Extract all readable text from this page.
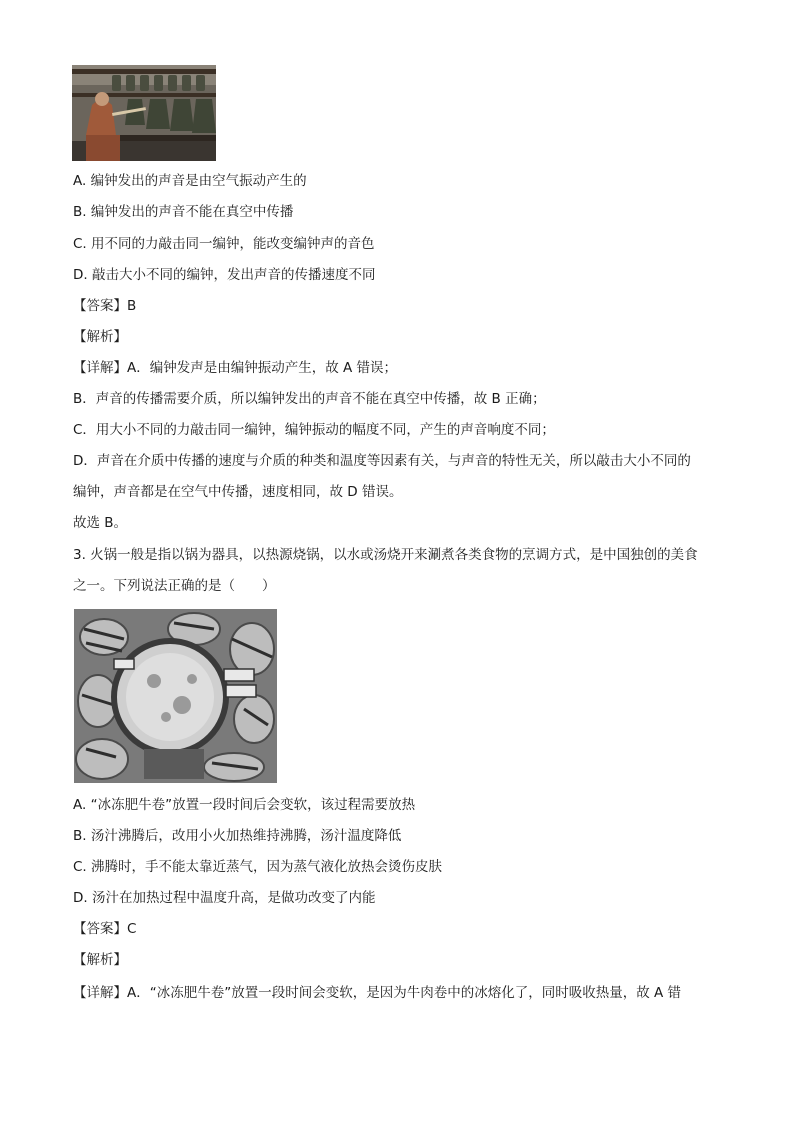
A. 编钟发出的声音是由空气振动产生的
B. 编钟发出的声音不能在真空中传播
C. 用不同的力敲击同一编钟，能改变编钟声的音色
D. 敲击大小不同的编钟，发出声音的传播速度不同
【答案】B
【解析】
【详解】A．编钟发声是由编钟振动产生，故 A 错误；
B．声音的传播需要介质，所以编钟发出的声音不能在真空中传播，故 B 正确；
C．用大小不同的力敲击同一编钟，编钟振动的幅度不同，产生的声音响度不同；
D．声音在介质中传播的速度与介质的种类和温度等因素有关，与声音的特性无关，所以敲击大小不同的
编钟，声音都是在空气中传播，速度相同，故 D 错误。
故选 B。
3. 火锅一般是指以锅为器具，以热源烧锅，以水或汤烧开来涮煮各类食物的烹调方式，是中国独创的美食
之一。下列说法正确的是（　　）
A. “冰冻肥牛卷”放置一段时间后会变软，该过程需要放热
B. 汤汁沸腾后，改用小火加热维持沸腾，汤汁温度降低
C. 沸腾时，手不能太靠近蒸气，因为蒸气液化放热会烫伤皮肤
D. 汤汁在加热过程中温度升高，是做功改变了内能
【答案】C
【解析】
【详解】A．“冰冻肥牛卷”放置一段时间会变软，是因为牛肉卷中的冰熔化了，同时吸收热量，故 A 错
